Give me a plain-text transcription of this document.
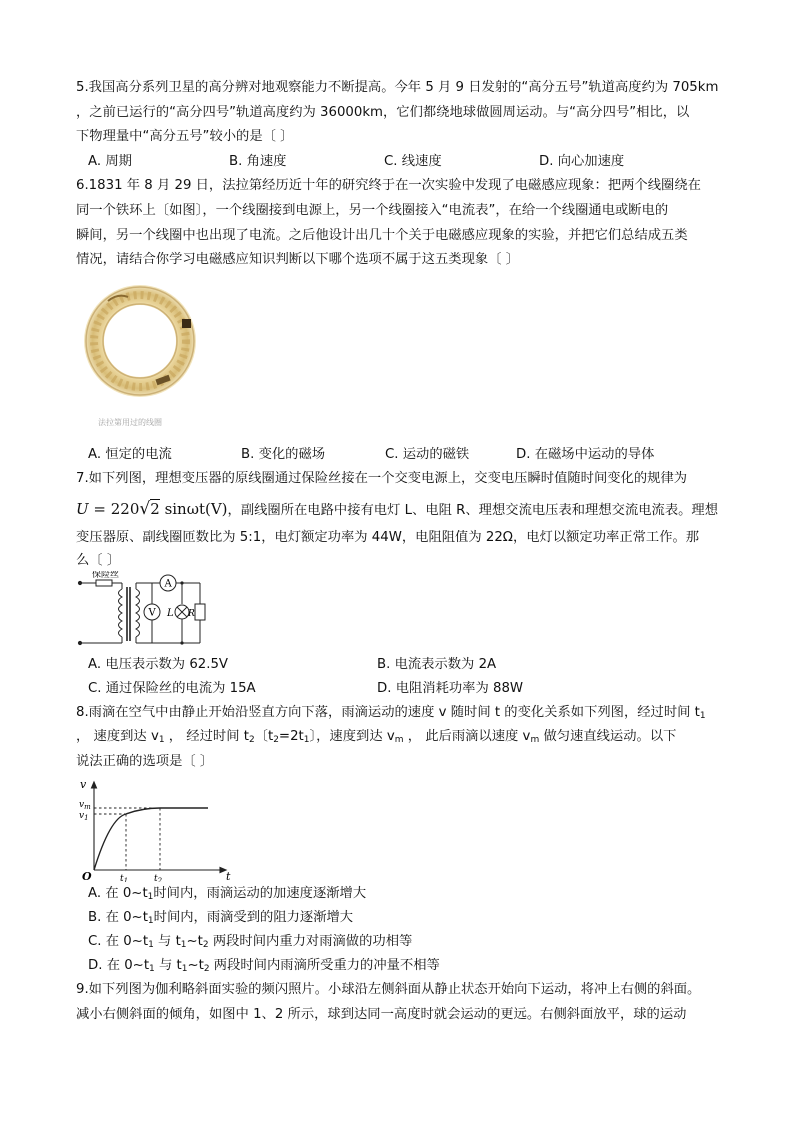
5.我国高分系列卫星的高分辨对地观察能力不断提高。今年 5 月 9 日发射的“高分五号”轨道高度约为 705km
，之前已运行的“高分四号”轨道高度约为 36000km，它们都绕地球做圆周运动。与“高分四号”相比，以
下物理量中“高分五号”较小的是〔 〕
A. 周期	B. 角速度	C. 线速度	D. 向心加速度
6.1831 年 8 月 29 日，法拉第经历近十年的研究终于在一次实验中发现了电磁感应现象：把两个线圈绕在
同一个铁环上〔如图〕，一个线圈接到电源上，另一个线圈接入“电流表”，在给一个线圈通电或断电的
瞬间，另一个线圈中也出现了电流。之后他设计出几十个关于电磁感应现象的实验，并把它们总结成五类
情况，请结合你学习电磁感应知识判断以下哪个选项不属于这五类现象〔 〕
法拉第用过的线圈
A. 恒定的电流	B. 变化的磁场	C. 运动的磁铁	D. 在磁场中运动的导体
7.如下列图，理想变压器的原线圈通过保险丝接在一个交变电源上，交变电压瞬时值随时间变化的规律为
U = 220√2 sinωt(V)，副线圈所在电路中接有电灯 L、电阻 R、理想交流电压表和理想交流电流表。理想
变压器原、副线圈匝数比为 5:1，电灯额定功率为 44W，电阻阻值为 22Ω，电灯以额定功率正常工作。那
么〔 〕
保险丝
A
V L R
A. 电压表示数为 62.5V	B. 电流表示数为 2A
C. 通过保险丝的电流为 15A	D. 电阻消耗功率为 88W
8.雨滴在空气中由静止开始沿竖直方向下落，雨滴运动的速度 v 随时间 t 的变化关系如下列图，经过时间 $t_1$
， 速度到达 $v_1$ ， 经过时间 $t_2$〔$t_2=2t_1$〕，速度到达 $v_m$ ， 此后雨滴以速度 $v_m$ 做匀速直线运动。以下
说法正确的选项是〔 〕
v
t
O
$v_m$
$v_1$
$t_1$	$t_2$
A. 在 $0\sim t_1$时间内，雨滴运动的加速度逐渐增大
B. 在 $0\sim t_1$时间内，雨滴受到的阻力逐渐增大
C. 在 $0\sim t_1$ 与 $t_1\sim t_2$ 两段时间内重力对雨滴做的功相等
D. 在 $0\sim t_1$ 与 $t_1\sim t_2$ 两段时间内雨滴所受重力的冲量不相等
9.如下列图为伽利略斜面实验的频闪照片。小球沿左侧斜面从静止状态开始向下运动，将冲上右侧的斜面。
减小右侧斜面的倾角，如图中 1、2 所示，球到达同一高度时就会运动的更远。右侧斜面放平，球的运动
